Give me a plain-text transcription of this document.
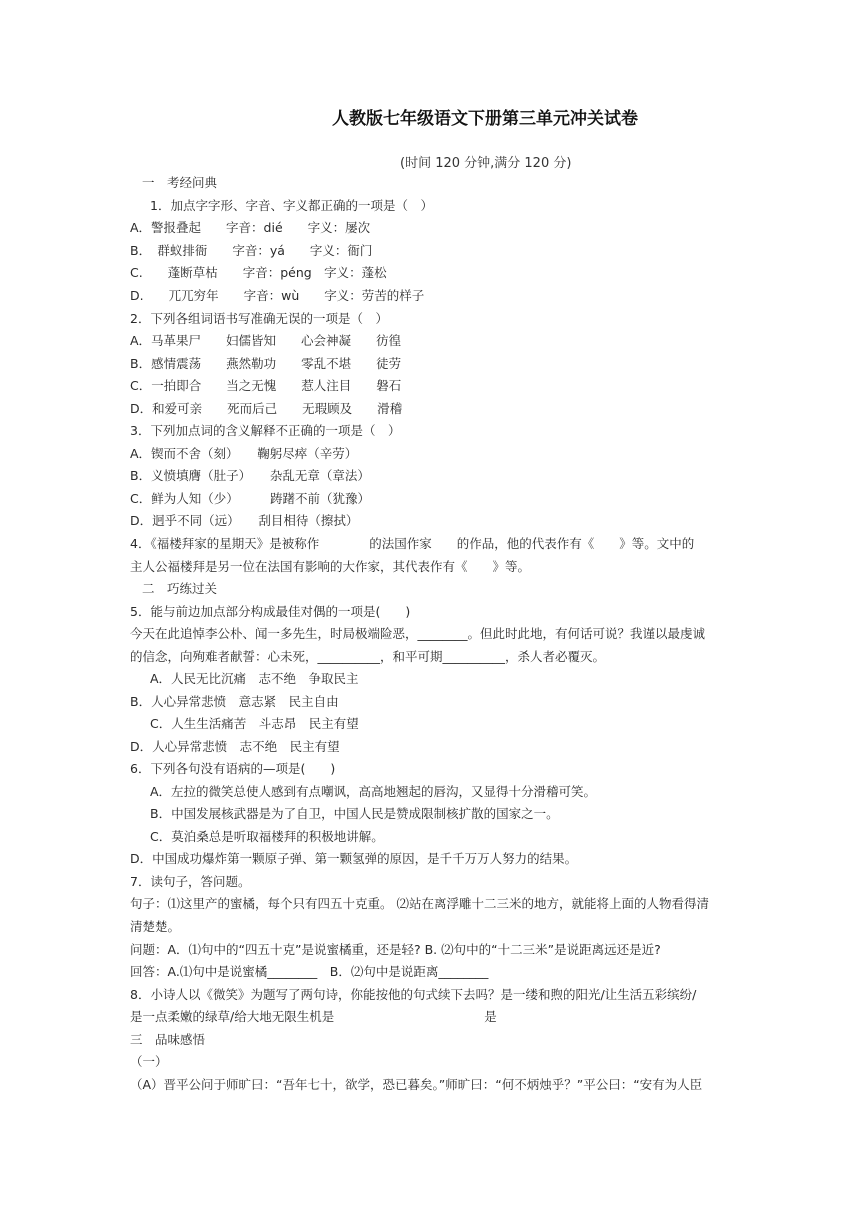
人教版七年级语文下册第三单元冲关试卷
(时间 120 分钟,满分 120 分)
一　考经问典
1．加点字字形、字音、字义都正确的一项是（　）
A．警报叠起　　字音：dié　　字义：屡次
B．　群蚁排衙　　字音：yá　　字义：衙门
C.　　蓬断草枯　　字音：péng　字义：蓬松
D.　　兀兀穷年　　字音：wù　　字义：劳苦的样子
2．下列各组词语书写准确无误的一项是（　）
A．马革果尸　　妇儒皆知　　心会神凝　　彷徨
B．感情震荡　　燕然勒功　　零乱不堪　　徒劳
C．一拍即合　　当之无愧　　惹人注目　　磐石
D．和爱可亲　　死而后己　　无瑕顾及　　滑稽
3．下列加点词的含义解释不正确的一项是（　）
A．锲而不舍（刻）　　鞠躬尽瘁（辛劳）
B．义愤填膺（肚子）　　杂乱无章（章法）
C．鲜为人知（少）　　　踌躇不前（犹豫）
D．迥乎不同（远）　　刮目相待（擦拭）
4．《福楼拜家的星期天》是被称作　　　　的法国作家　　的作品，他的代表作有《　　》等。文中的
主人公福楼拜是另一位在法国有影响的大作家，其代表作有《　　》等。
二　巧练过关
5．能与前边加点部分构成最佳对偶的一项是(　　)
今天在此追悼李公朴、闻一多先生，时局极端险恶，________。但此时此地，有何话可说？我谨以最虔诚
的信念，向殉难者献誓：心未死，__________，和平可期__________，杀人者必覆灭。
A．人民无比沉痛　志不绝　争取民主
B．人心异常悲愤　意志紧　民主自由
C．人生生活痛苦　斗志昂　民主有望
D．人心异常悲愤　志不绝　民主有望
6．下列各句没有语病的—项是(　　)
A．左拉的微笑总使人感到有点嘲讽，高高地翘起的唇沟，又显得十分滑稽可笑。
B．中国发展核武器是为了自卫，中国人民是赞成限制核扩散的国家之一。
C．莫泊桑总是听取福楼拜的积极地讲解。
D．中国成功爆炸第一颗原子弹、第一颗氢弹的原因，是千千万万人努力的结果。
7．读句子，答问题。
句子：⑴这里产的蜜橘，每个只有四五十克重。 ⑵站在离浮雕十二三米的地方，就能将上面的人物看得清
清楚楚。
问题：A．⑴句中的“四五十克”是说蜜橘重，还是轻? B. ⑵句中的“十二三米”是说距离远还是近?
回答：A.⑴句中是说蜜橘________　B．⑵句中是说距离________
8．小诗人以《微笑》为题写了两句诗，你能按他的句式续下去吗？是一缕和煦的阳光/让生活五彩缤纷/
是一点柔嫩的绿草/给大地无限生机是　　　　　　　　　　　　是
三　品味感悟
（一）
（A）晋平公问于师旷曰：“吾年七十，欲学，恐已暮矣。”师旷曰：“何不炳烛乎？”平公曰：“安有为人臣
